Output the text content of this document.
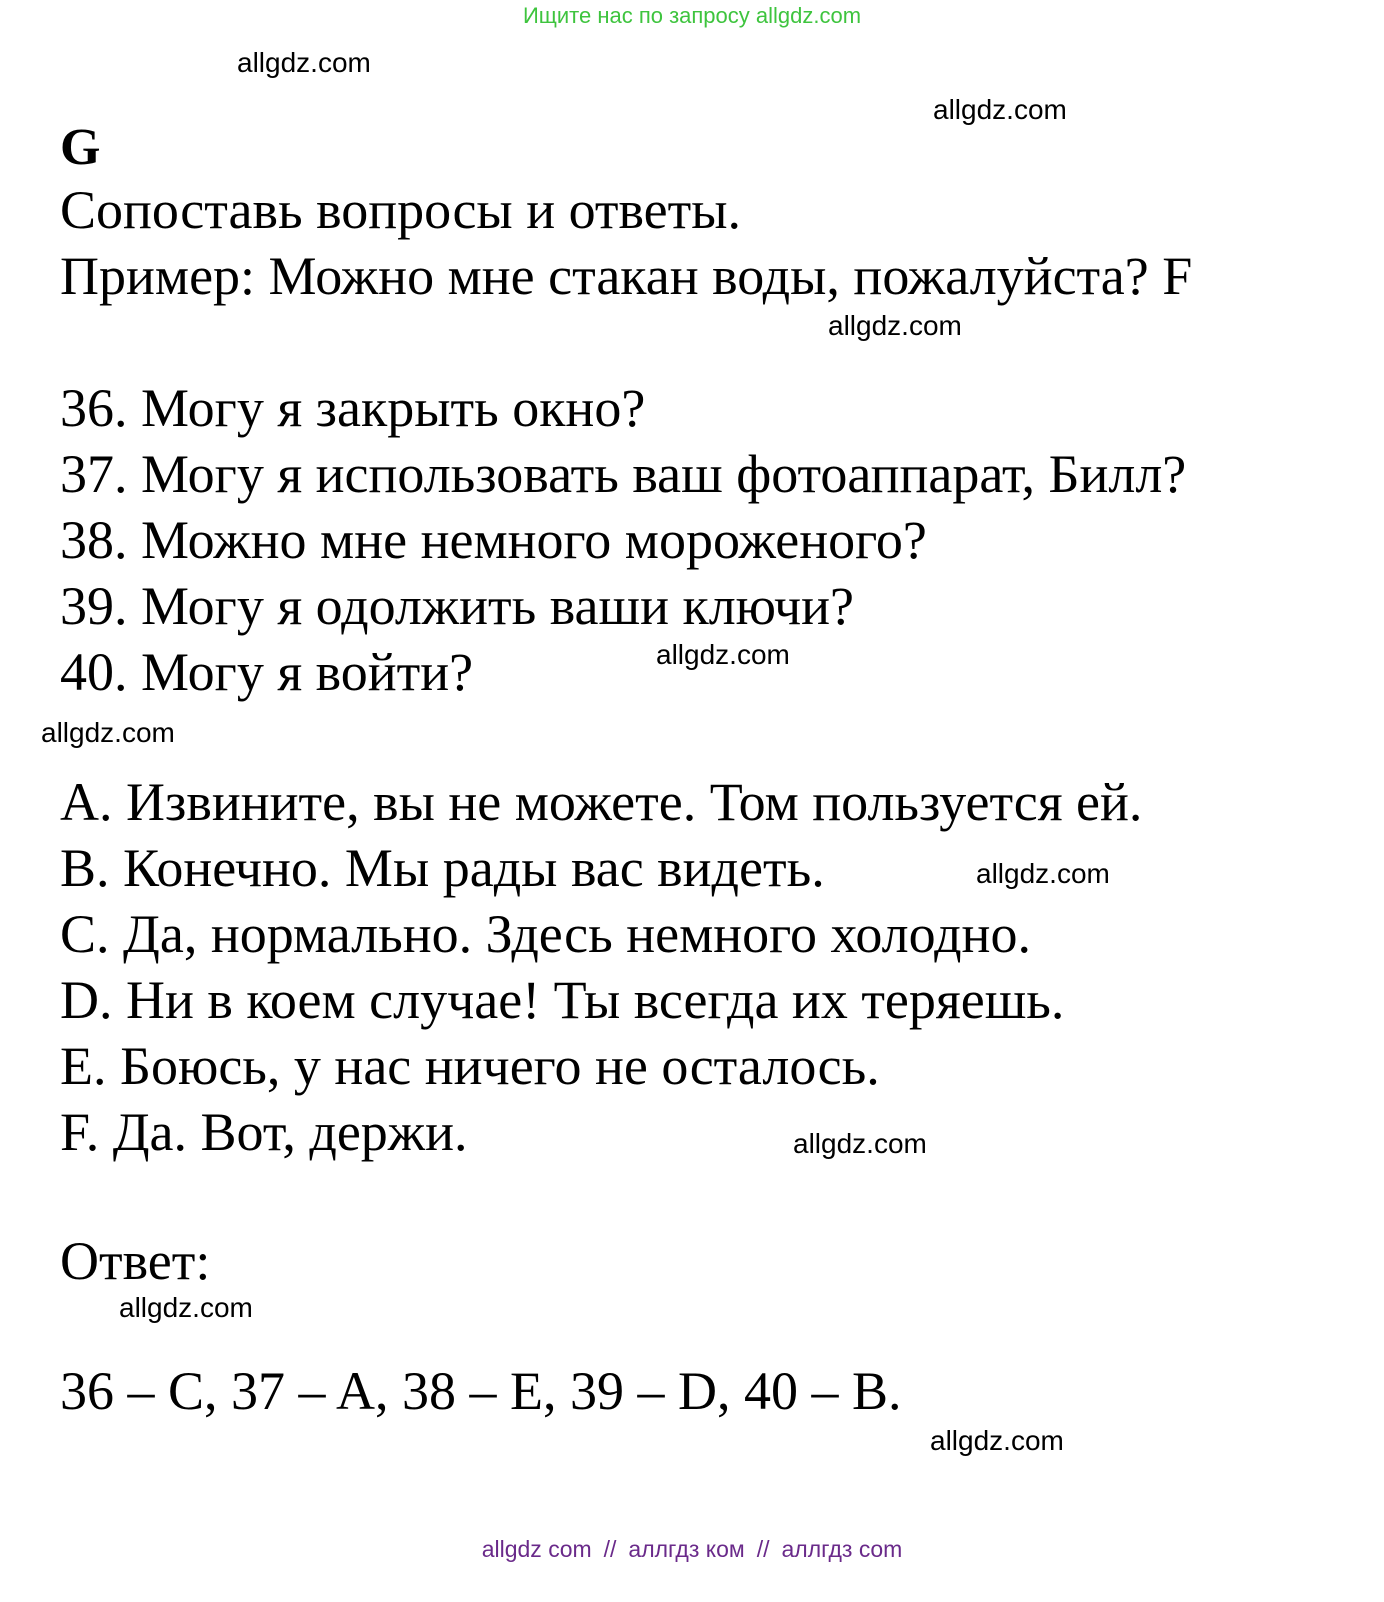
Ищите нас по запросу allgdz.com
allgdz.com
allgdz.com
allgdz.com
allgdz.com
allgdz.com
allgdz.com
allgdz.com
allgdz.com
allgdz.com
G
Сопоставь вопросы и ответы.
Пример: Можно мне стакан воды, пожалуйста? F
36. Могу я закрыть окно?
37. Могу я использовать ваш фотоаппарат, Билл?
38. Можно мне немного мороженого?
39. Могу я одолжить ваши ключи?
40. Могу я войти?
A. Извините, вы не можете. Том пользуется ей.
B. Конечно. Мы рады вас видеть.
C. Да, нормально. Здесь немного холодно.
D. Ни в коем случае! Ты всегда их теряешь.
E. Боюсь, у нас ничего не осталось.
F. Да. Вот, держи.
Ответ:
36 – C, 37 – A, 38 – E, 39 – D, 40 – B.
allgdz com // аллгдз ком // аллгдз com
